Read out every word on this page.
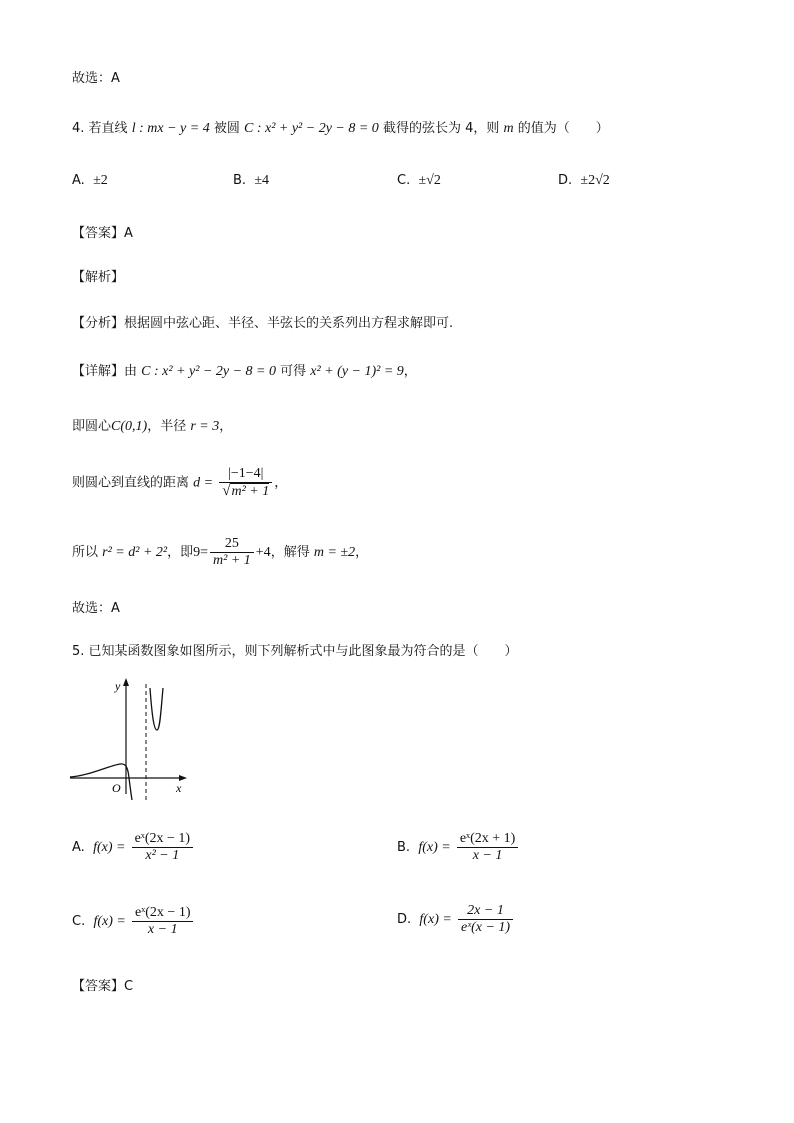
故选：A
4. 若直线 l : mx − y = 4 被圆 C : x² + y² − 2y − 8 = 0 截得的弦长为 4，则 m 的值为（　　）
A. ±2	B. ±4	C. ±√2	D. ±2√2
【答案】A
【解析】
【分析】根据圆中弦心距、半径、半弦长的关系列出方程求解即可.
【详解】由 C : x² + y² − 2y − 8 = 0 可得 x² + (y − 1)² = 9，
即圆心C(0,1)，半径 r = 3，
则圆心到直线的距离 $d = \frac{|-1-4|}{\text{√m² + 1}}$ ，
所以 r² = d² + 2²，即$9= \frac{25}{\text{m² + 1}} +4$，解得 m = ±2，
故选：A
5. 已知某函数图象如图所示，则下列解析式中与此图象最为符合的是（　　）
y
x
O
A. $f(x) = \frac{\text{eˣ(2x − 1)}}{\text{x² − 1}}$	B. $f(x) = \frac{\text{eˣ(2x + 1)}}{x - 1}$
C. $f(x) = \frac{\text{eˣ(2x − 1)}}{x - 1}$	D. $f(x) = \frac{2x - 1}{\text{eˣ(x − 1)}}$
【答案】C
